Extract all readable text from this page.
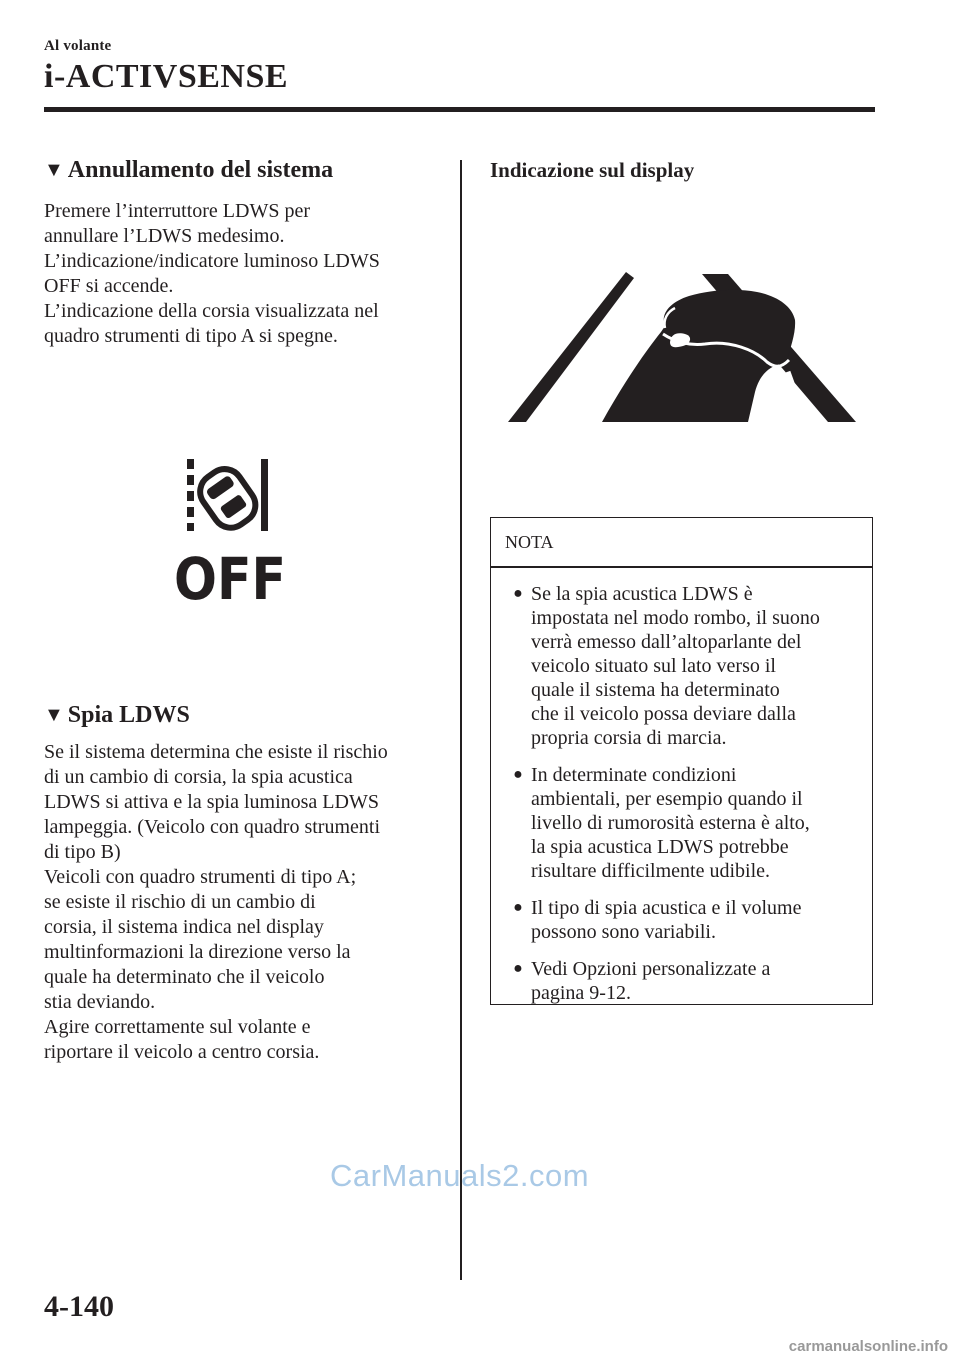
Al volante
i-ACTIVSENSE
▼ Annullamento del sistema
Premere l’interruttore LDWS per
annullare l’LDWS medesimo.
L’indicazione/indicatore luminoso LDWS
OFF si accende.
L’indicazione della corsia visualizzata nel
quadro strumenti di tipo A si spegne.
OFF
▼ Spia LDWS
Se il sistema determina che esiste il rischio
di un cambio di corsia, la spia acustica
LDWS si attiva e la spia luminosa LDWS
lampeggia. (Veicolo con quadro strumenti
di tipo B)
Veicoli con quadro strumenti di tipo A;
se esiste il rischio di un cambio di
corsia, il sistema indica nel display
multinformazioni la direzione verso la
quale ha determinato che il veicolo
stia deviando.
Agire correttamente sul volante e
riportare il veicolo a centro corsia.
Indicazione sul display
NOTA
● Se la spia acustica LDWS è
impostata nel modo rombo, il suono
verrà emesso dall’altoparlante del
veicolo situato sul lato verso il
quale il sistema ha determinato
che il veicolo possa deviare dalla
propria corsia di marcia.
● In determinate condizioni
ambientali, per esempio quando il
livello di rumorosità esterna è alto,
la spia acustica LDWS potrebbe
risultare difficilmente udibile.
● Il tipo di spia acustica e il volume
possono sono variabili.
● Vedi Opzioni personalizzate a
pagina 9-12.
4-140
CarManuals2.com
carmanualsonline.info
